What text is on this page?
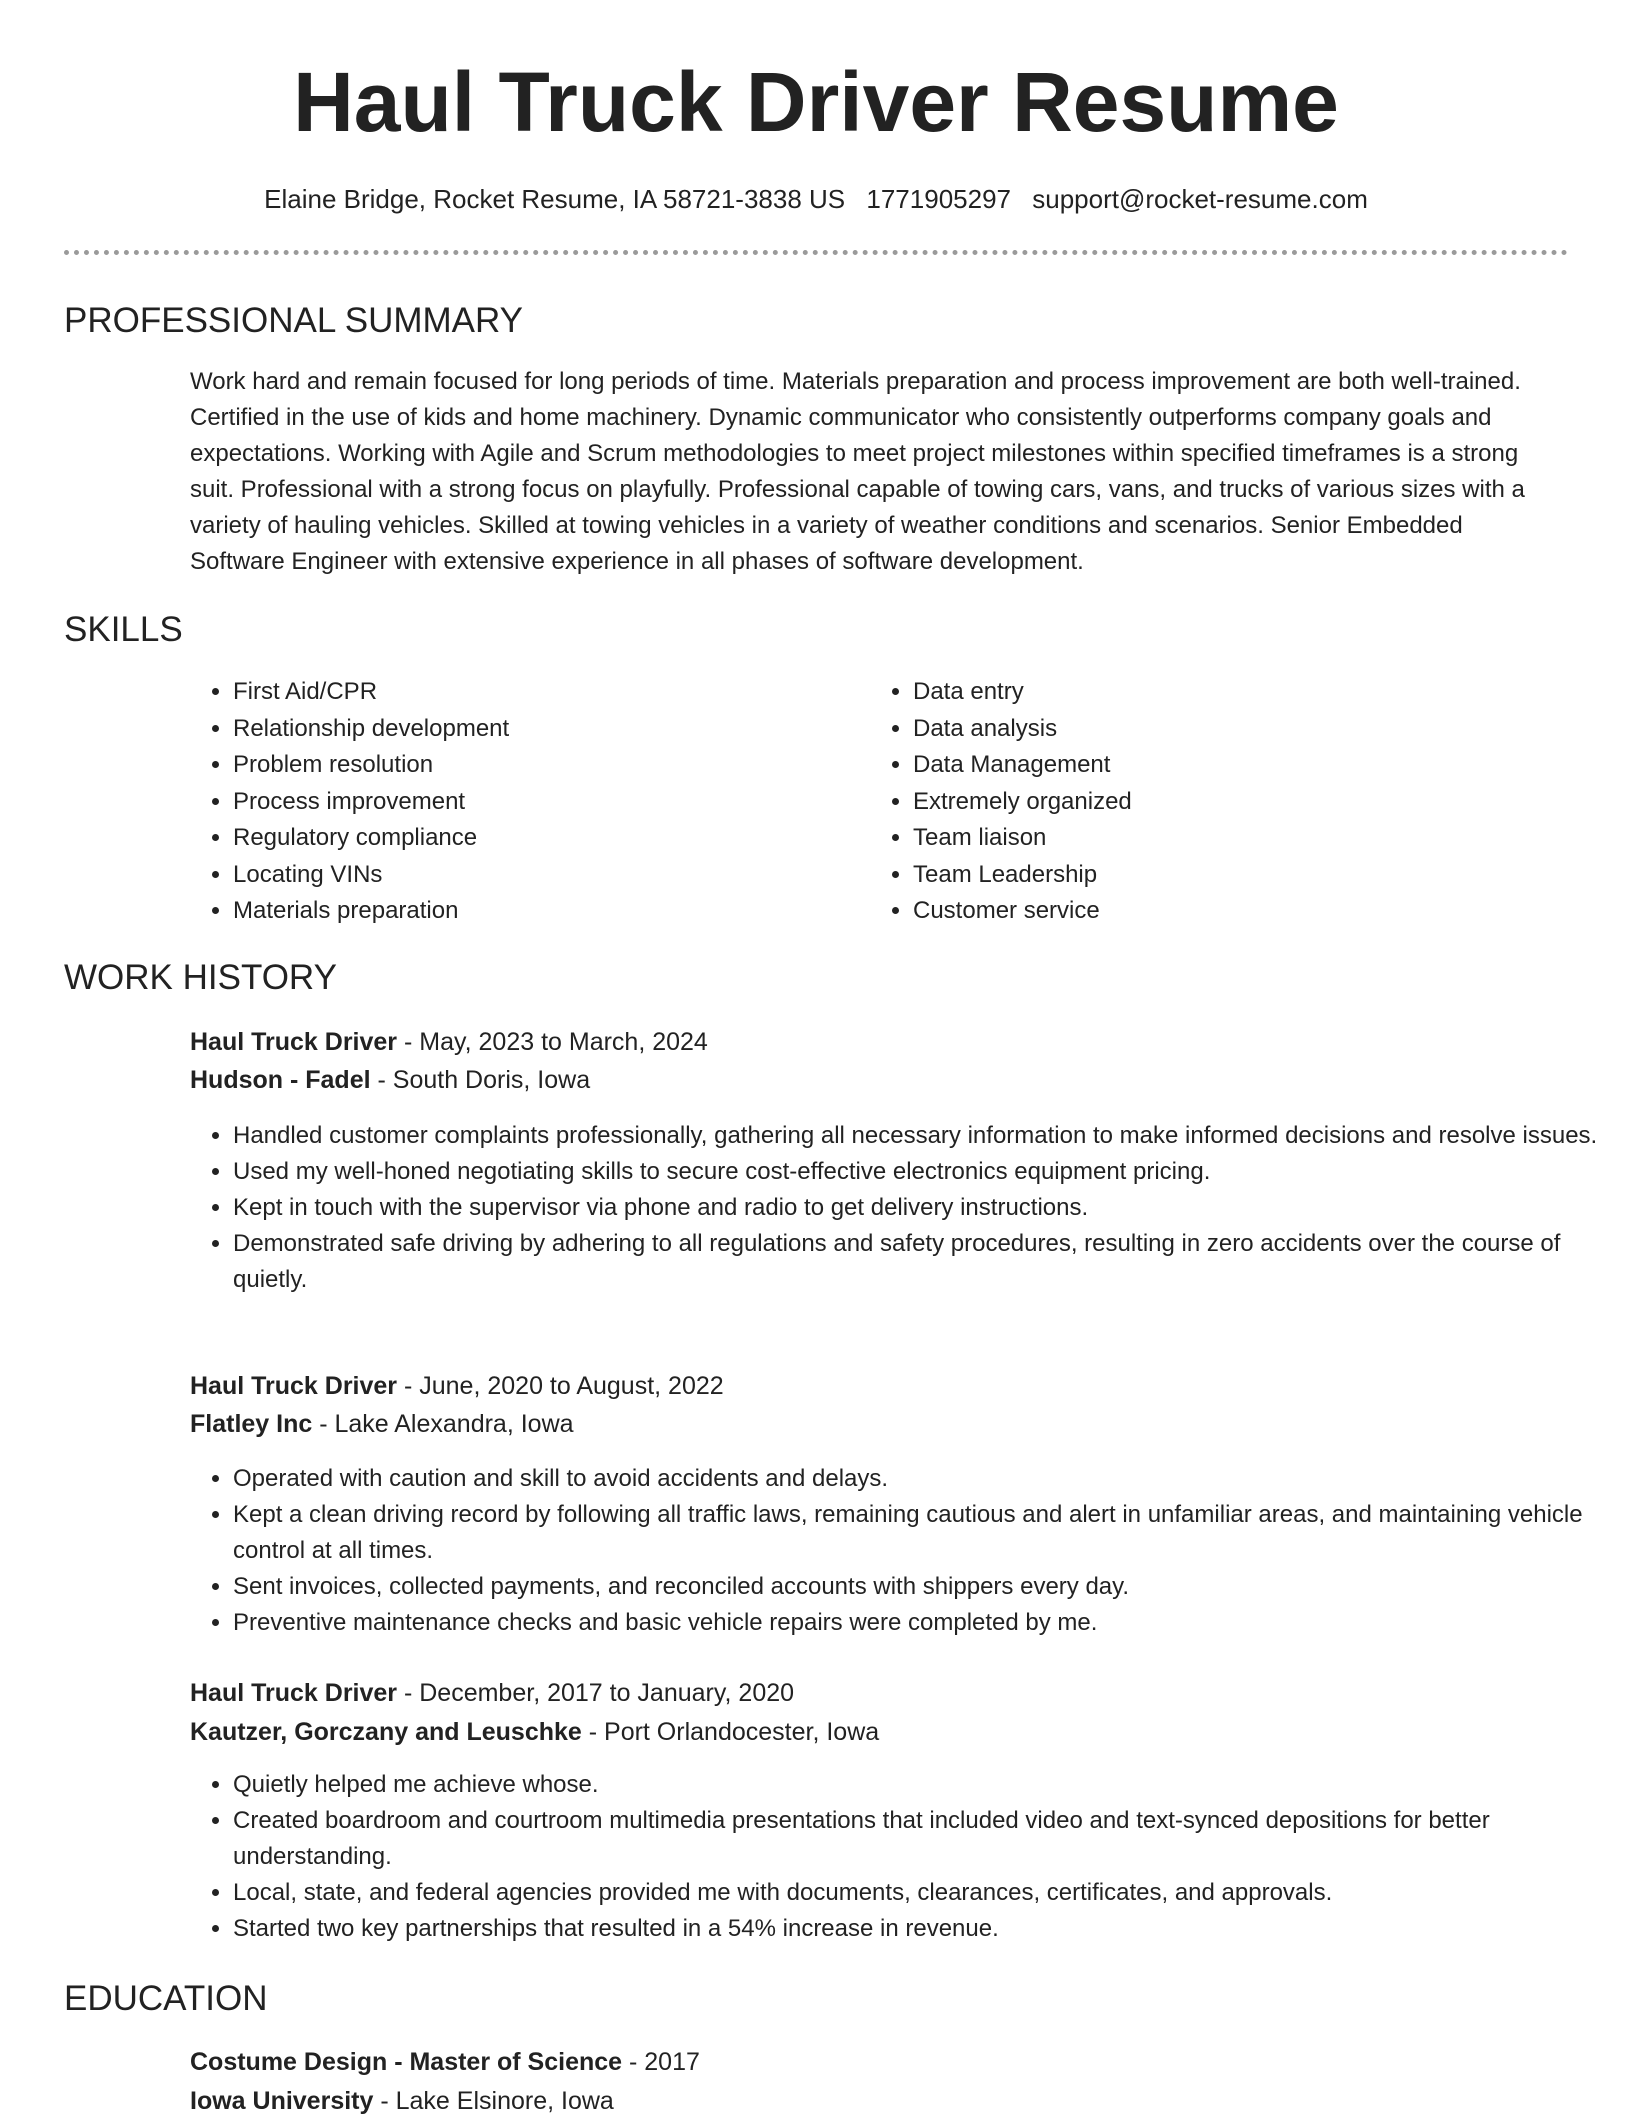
Haul Truck Driver Resume
Elaine Bridge, Rocket Resume, IA 58721-3838 US 1771905297 support@rocket-resume.com
PROFESSIONAL SUMMARY

Work hard and remain focused for long periods of time. Materials preparation and process improvement are both well-trained. Certified in the use of kids and home machinery. Dynamic communicator who consistently outperforms company goals and expectations. Working with Agile and Scrum methodologies to meet project milestones within specified timeframes is a strong suit. Professional with a strong focus on playfully. Professional capable of towing cars, vans, and trucks of various sizes with a variety of hauling vehicles. Skilled at towing vehicles in a variety of weather conditions and scenarios. Senior Embedded Software Engineer with extensive experience in all phases of software development.

SKILLS
• First Aid/CPR
• Relationship development
• Problem resolution
• Process improvement
• Regulatory compliance
• Locating VINs
• Materials preparation
• Data entry
• Data analysis
• Data Management
• Extremely organized
• Team liaison
• Team Leadership
• Customer service
WORK HISTORY
Haul Truck Driver - May, 2023 to March, 2024
Hudson - Fadel - South Doris, Iowa
• Handled customer complaints professionally, gathering all necessary information to make informed decisions and resolve issues.
• Used my well-honed negotiating skills to secure cost-effective electronics equipment pricing.
• Kept in touch with the supervisor via phone and radio to get delivery instructions.
• Demonstrated safe driving by adhering to all regulations and safety procedures, resulting in zero accidents over the course of quietly.
Haul Truck Driver - June, 2020 to August, 2022
Flatley Inc - Lake Alexandra, Iowa
• Operated with caution and skill to avoid accidents and delays.
• Kept a clean driving record by following all traffic laws, remaining cautious and alert in unfamiliar areas, and maintaining vehicle control at all times.
• Sent invoices, collected payments, and reconciled accounts with shippers every day.
• Preventive maintenance checks and basic vehicle repairs were completed by me.
Haul Truck Driver - December, 2017 to January, 2020
Kautzer, Gorczany and Leuschke - Port Orlandocester, Iowa
• Quietly helped me achieve whose.
• Created boardroom and courtroom multimedia presentations that included video and text-synced depositions for better understanding.
• Local, state, and federal agencies provided me with documents, clearances, certificates, and approvals.
• Started two key partnerships that resulted in a 54% increase in revenue.
EDUCATION
Costume Design - Master of Science - 2017
Iowa University - Lake Elsinore, Iowa
